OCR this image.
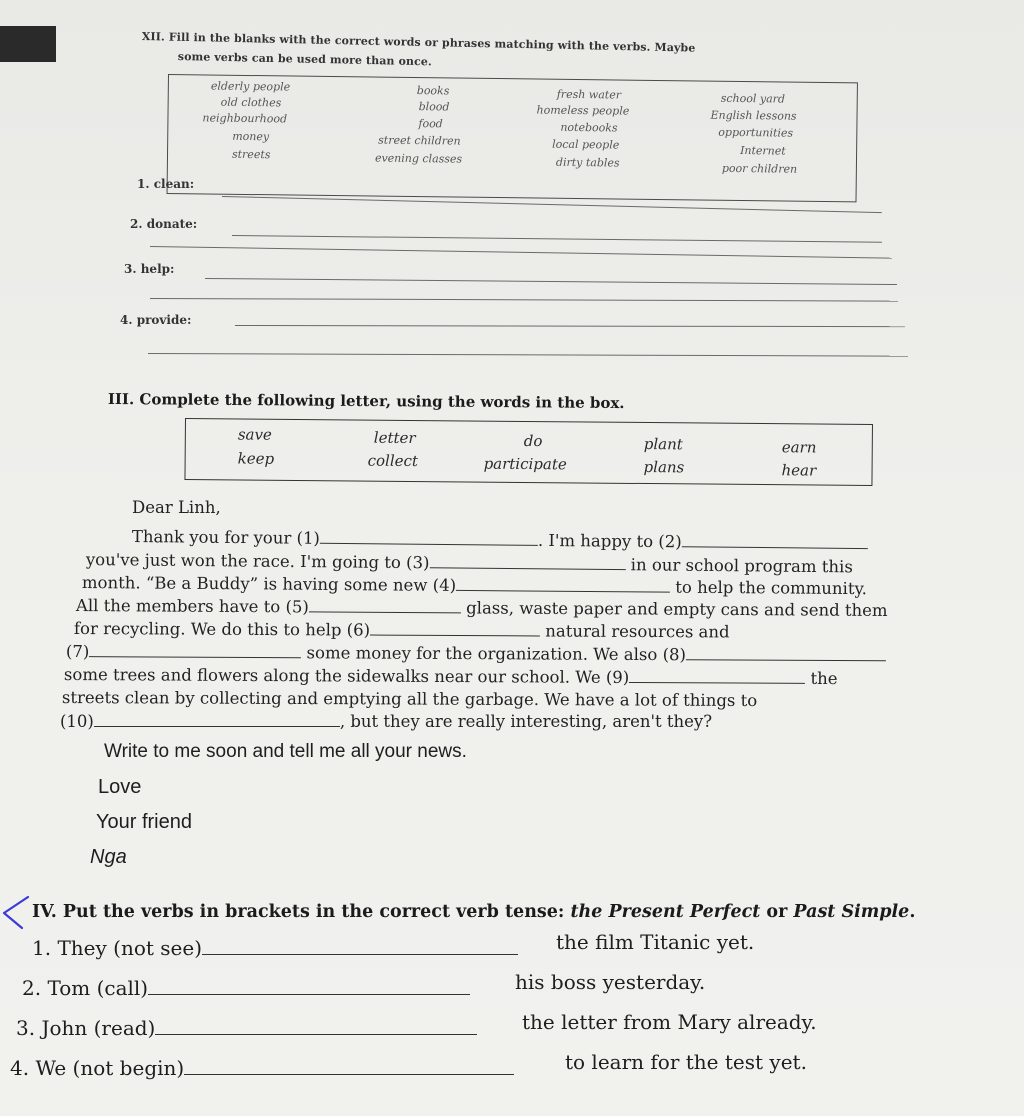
XII. Fill in the blanks with the correct words or phrases matching with the verbs. Maybe
some verbs can be used more than once.
elderly people
old clothes
neighbourhood
money
streets
books
blood
food
street children
evening classes
fresh water
homeless people
notebooks
local people
dirty tables
school yard
English lessons
opportunities
Internet
poor children
1. clean:
2. donate:
3. help:
4. provide:
III. Complete the following letter, using the words in the box.
save
keep
letter
collect
do
participate
plant
plans
earn
hear
Dear Linh,
Thank you for your (1)	. I'm happy to (2)
you've just won the race. I'm going to (3)	in our school program this
month. “Be a Buddy” is having some new (4)	to help the community.
All the members have to (5)	glass, waste paper and empty cans and send them
for recycling. We do this to help (6)	natural resources and
(7)	some money for the organization. We also (8)
some trees and flowers along the sidewalks near our school. We (9)	the
streets clean by collecting and emptying all the garbage. We have a lot of things to
(10)	, but they are really interesting, aren't they?
Write to me soon and tell me all your news.
Love
Your friend
Nga
IV. Put the verbs in brackets in the correct verb tense: the Present Perfect or Past Simple.
1. They (not see)	the film Titanic yet.
2. Tom (call)	his boss yesterday.
3. John (read)	the letter from Mary already.
4. We (not begin)	to learn for the test yet.
